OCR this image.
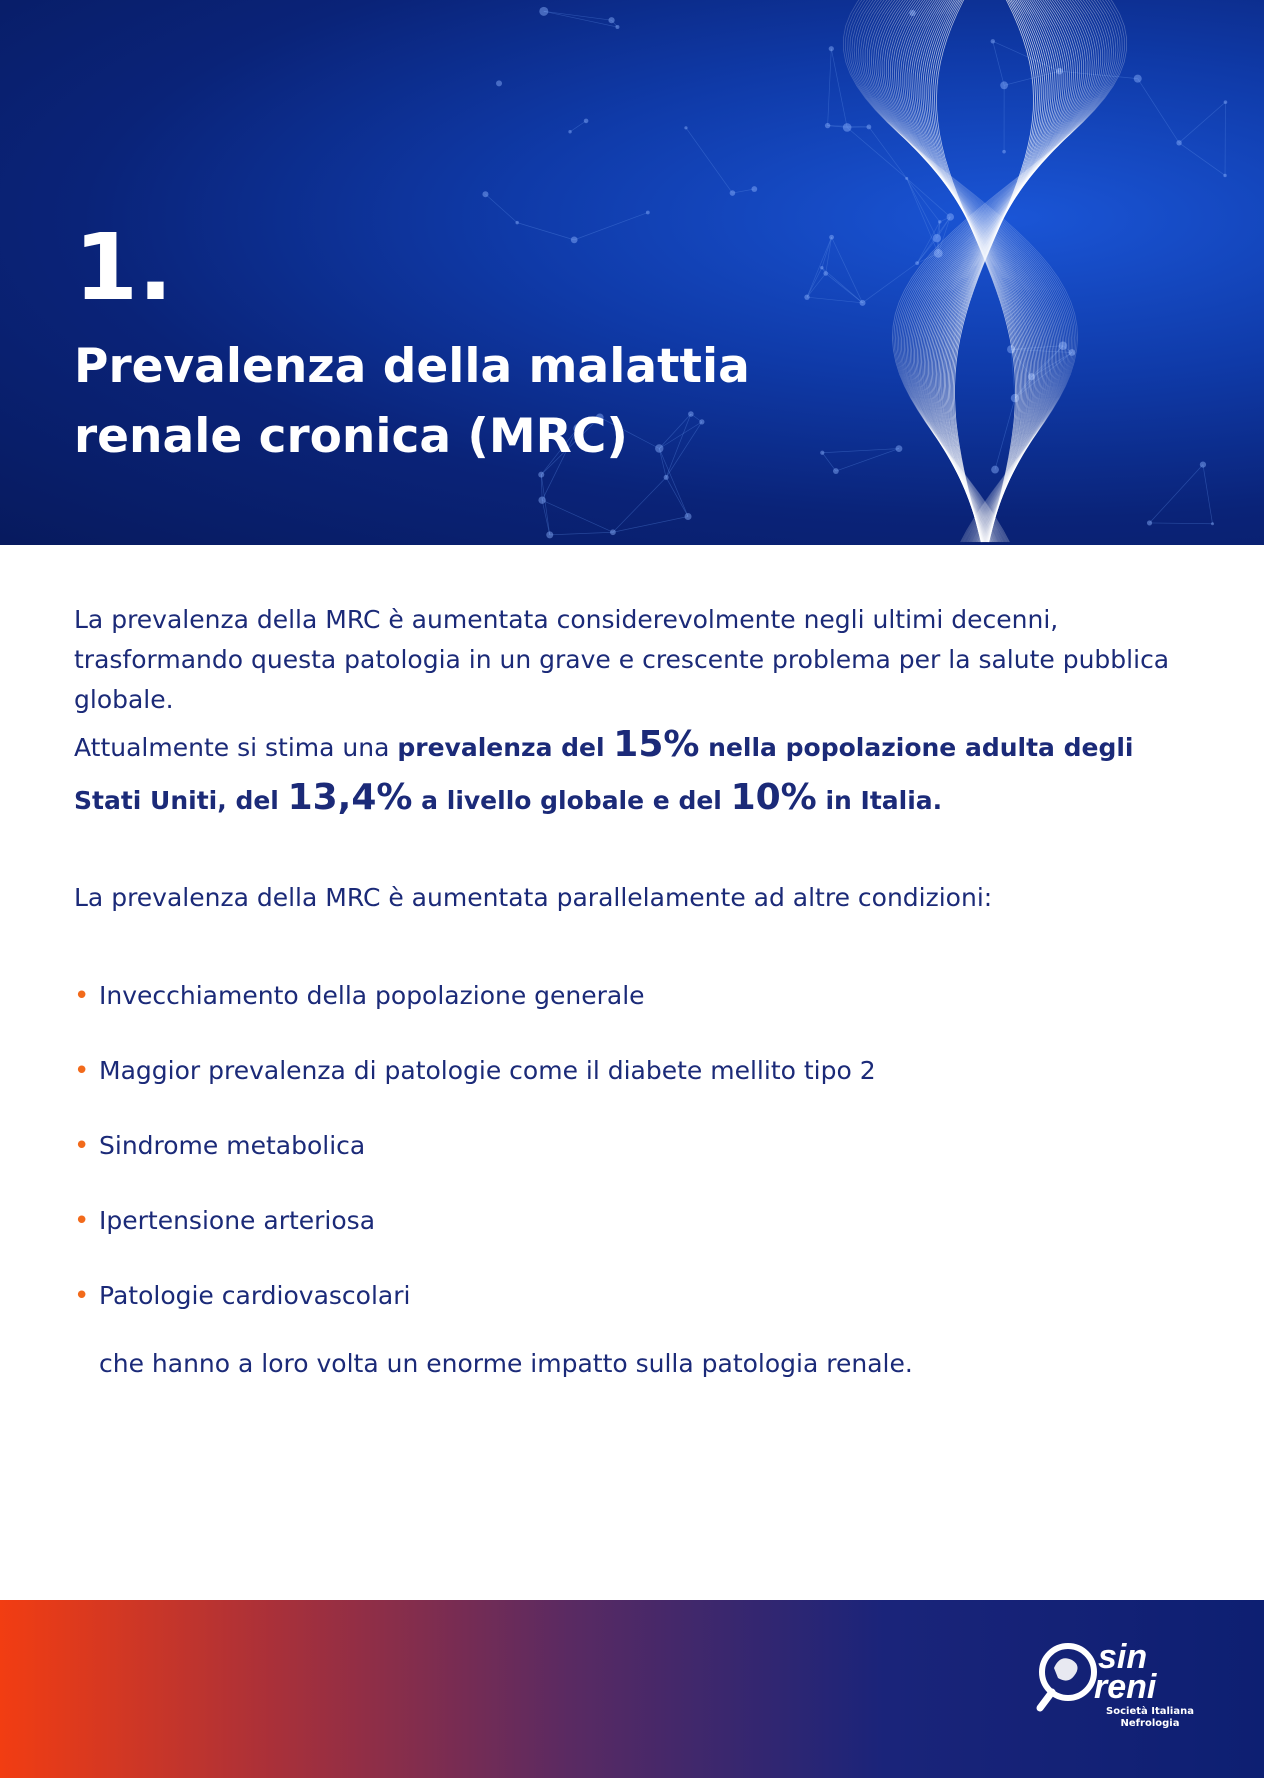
1.
Prevalenza della malattia
renale cronica (MRC)

La prevalenza della MRC è aumentata considerevolmente negli ultimi decenni, trasformando questa patologia in un grave e crescente problema per la salute pubblica globale.

Attualmente si stima una prevalenza del 15% nella popolazione adulta degli Stati Uniti, del 13,4% a livello globale e del 10% in Italia.

La prevalenza della MRC è aumentata parallelamente ad altre condizioni:

• Invecchiamento della popolazione generale
• Maggior prevalenza di patologie come il diabete mellito tipo 2
• Sindrome metabolica
• Ipertensione arteriosa
• Patologie cardiovascolari

che hanno a loro volta un enorme impatto sulla patologia renale.

sin
reni
Società Italiana
Nefrologia
